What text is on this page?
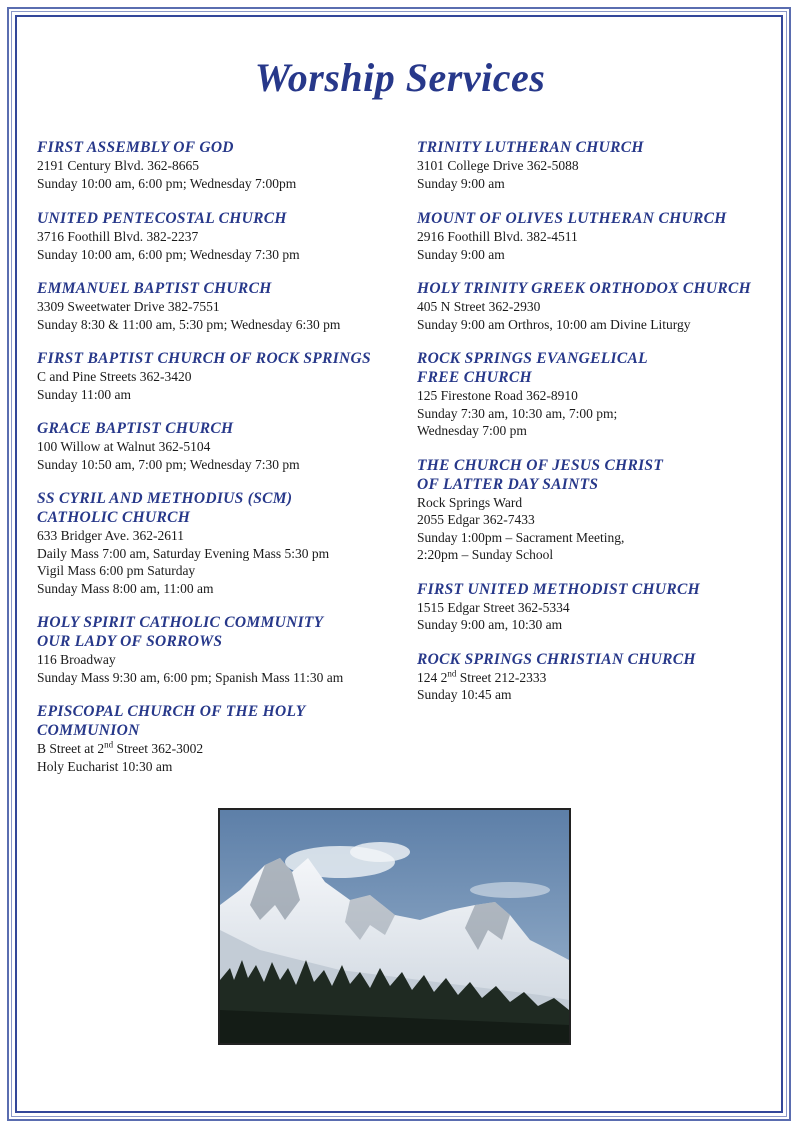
Worship Services
FIRST ASSEMBLY OF GOD
2191 Century Blvd. 362-8665
Sunday 10:00 am, 6:00 pm; Wednesday 7:00pm
UNITED PENTECOSTAL CHURCH
3716 Foothill Blvd. 382-2237
Sunday 10:00 am, 6:00 pm; Wednesday 7:30 pm
EMMANUEL BAPTIST CHURCH
3309 Sweetwater Drive 382-7551
Sunday 8:30 & 11:00 am, 5:30 pm; Wednesday 6:30 pm
FIRST BAPTIST CHURCH OF ROCK SPRINGS
C and Pine Streets 362-3420
Sunday 11:00 am
GRACE BAPTIST CHURCH
100 Willow at Walnut 362-5104
Sunday 10:50 am, 7:00 pm; Wednesday 7:30 pm
SS CYRIL AND METHODIUS (SCM)
CATHOLIC CHURCH
633 Bridger Ave. 362-2611
Daily Mass 7:00 am, Saturday Evening Mass 5:30 pm
Vigil Mass 6:00 pm Saturday
Sunday Mass 8:00 am, 11:00 am
HOLY SPIRIT CATHOLIC COMMUNITY
OUR LADY OF SORROWS
116 Broadway
Sunday Mass 9:30 am, 6:00 pm; Spanish Mass 11:30 am
EPISCOPAL CHURCH OF THE HOLY
COMMUNION
B Street at 2nd Street 362-3002
Holy Eucharist 10:30 am
TRINITY LUTHERAN CHURCH
3101 College Drive 362-5088
Sunday 9:00 am
MOUNT OF OLIVES LUTHERAN CHURCH
2916 Foothill Blvd. 382-4511
Sunday 9:00 am
HOLY TRINITY GREEK ORTHODOX CHURCH
405 N Street 362-2930
Sunday 9:00 am Orthros, 10:00 am Divine Liturgy
ROCK SPRINGS EVANGELICAL
FREE CHURCH
125 Firestone Road 362-8910
Sunday 7:30 am, 10:30 am, 7:00 pm;
Wednesday 7:00 pm
THE CHURCH OF JESUS CHRIST
OF LATTER DAY SAINTS
Rock Springs Ward
2055 Edgar 362-7433
Sunday 1:00pm – Sacrament Meeting,
2:20pm – Sunday School
FIRST UNITED METHODIST CHURCH
1515 Edgar Street 362-5334
Sunday 9:00 am, 10:30 am
ROCK SPRINGS CHRISTIAN CHURCH
124 2nd Street 212-2333
Sunday 10:45 am
